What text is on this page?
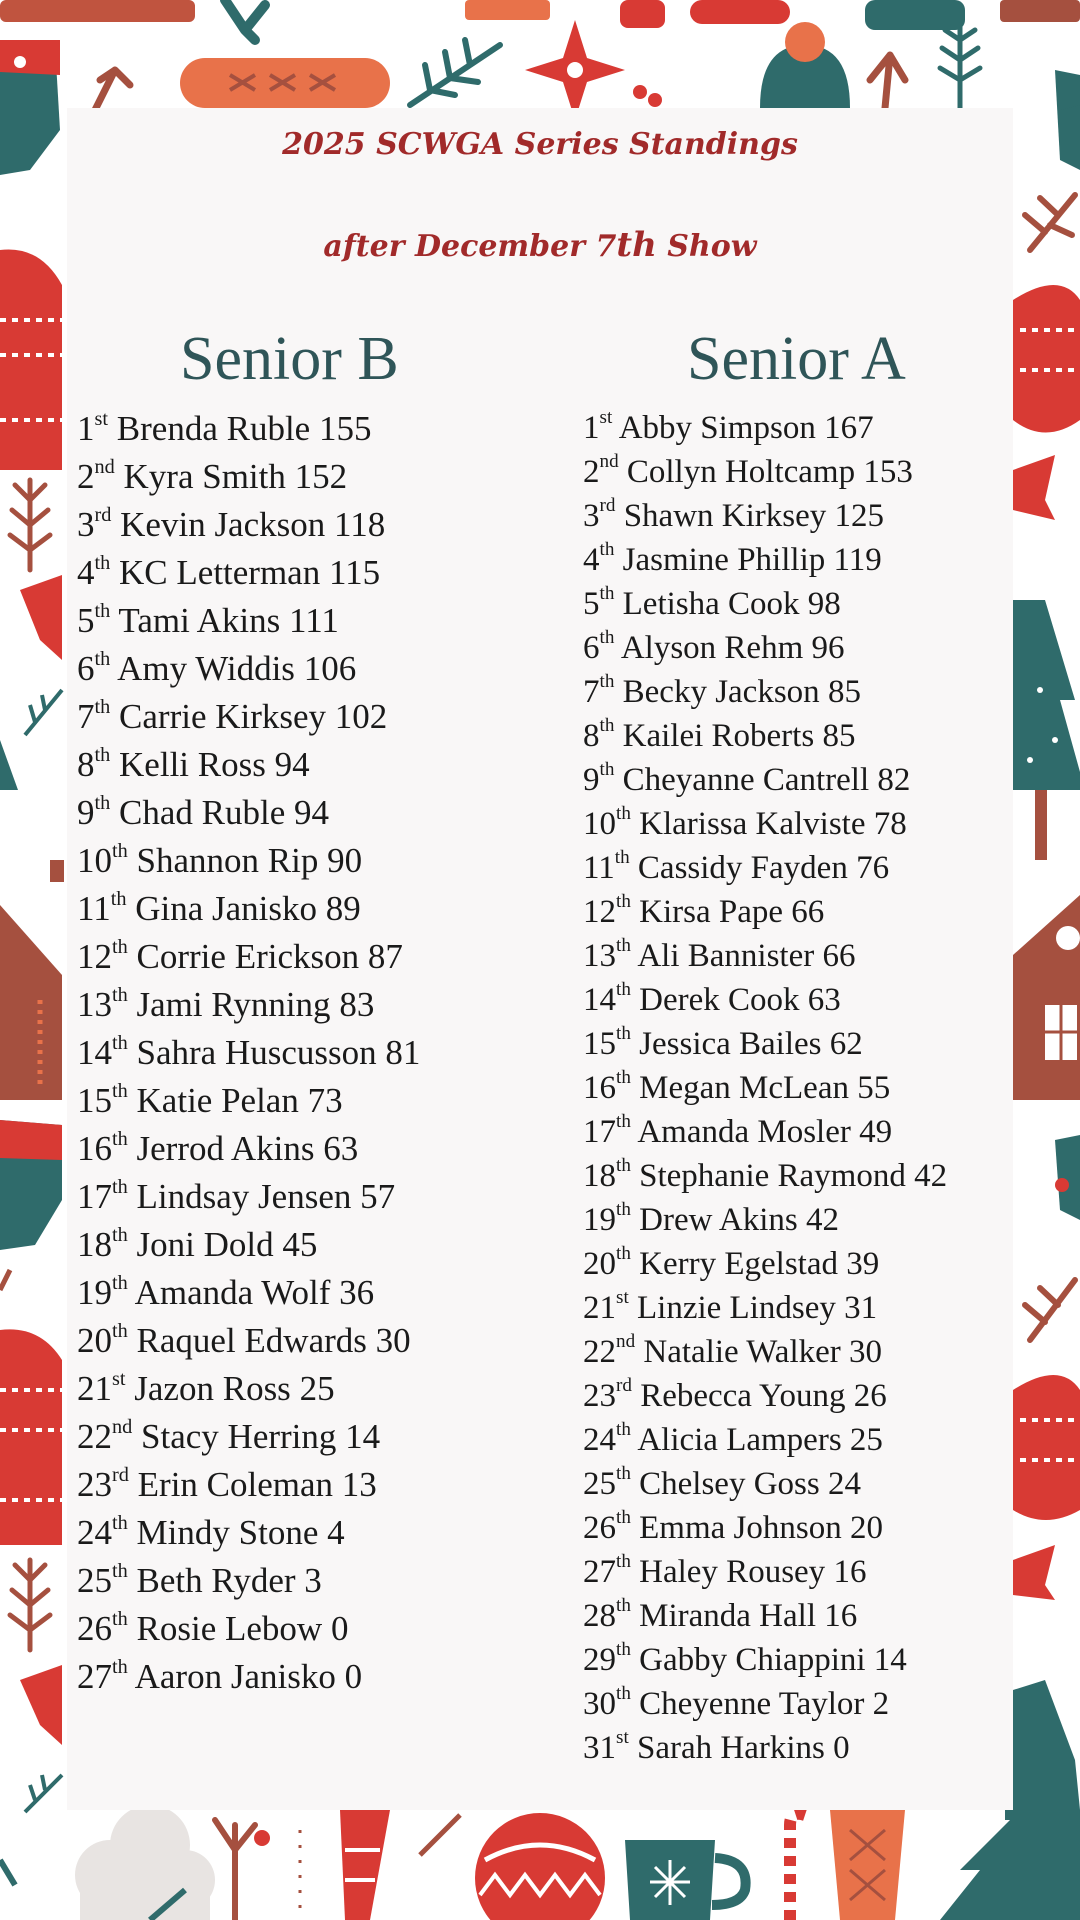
2025 SCWGA Series Standings
after December 7th Show
Senior B	Senior A
1st Brenda Ruble 155
2nd Kyra Smith 152
3rd Kevin Jackson 118
4th KC Letterman 115
5th Tami Akins 111
6th Amy Widdis 106
7th Carrie Kirksey 102
8th Kelli Ross 94
9th Chad Ruble 94
10th Shannon Rip 90
11th Gina Janisko 89
12th Corrie Erickson 87
13th Jami Rynning 83
14th Sahra Huscusson 81
15th Katie Pelan 73
16th Jerrod Akins 63
17th Lindsay Jensen 57
18th Joni Dold 45
19th Amanda Wolf 36
20th Raquel Edwards 30
21st Jazon Ross 25
22nd Stacy Herring 14
23rd Erin Coleman 13
24th Mindy Stone 4
25th Beth Ryder 3
26th Rosie Lebow 0
27th Aaron Janisko 0
1st Abby Simpson 167
2nd Collyn Holtcamp 153
3rd Shawn Kirksey 125
4th Jasmine Phillip 119
5th Letisha Cook 98
6th Alyson Rehm 96
7th Becky Jackson 85
8th Kailei Roberts 85
9th Cheyanne Cantrell 82
10th Klarissa Kalviste 78
11th Cassidy Fayden 76
12th Kirsa Pape 66
13th Ali Bannister 66
14th Derek Cook 63
15th Jessica Bailes 62
16th Megan McLean 55
17th Amanda Mosler 49
18th Stephanie Raymond 42
19th Drew Akins 42
20th Kerry Egelstad 39
21st Linzie Lindsey 31
22nd Natalie Walker 30
23rd Rebecca Young 26
24th Alicia Lampers 25
25th Chelsey Goss 24
26th Emma Johnson 20
27th Haley Rousey 16
28th Miranda Hall 16
29th Gabby Chiappini 14
30th Cheyenne Taylor 2
31st Sarah Harkins 0
